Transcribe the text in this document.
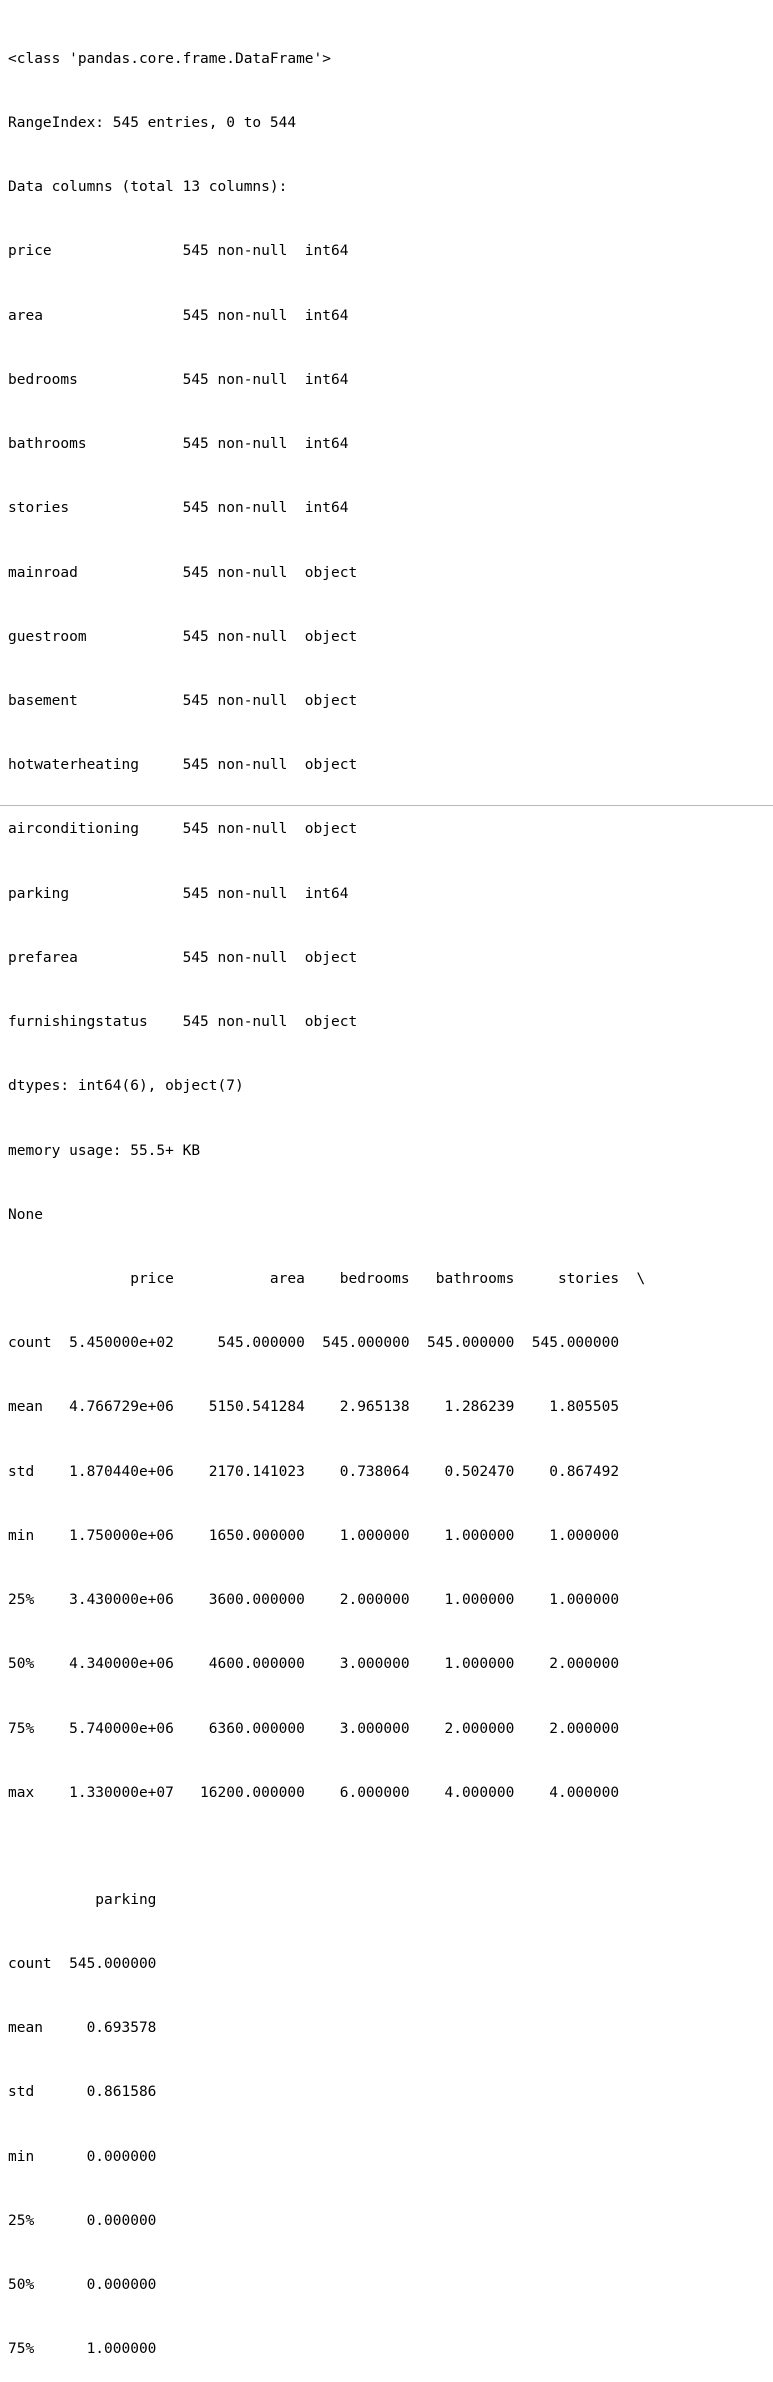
<class 'pandas.core.frame.DataFrame'>

RangeIndex: 545 entries, 0 to 544

Data columns (total 13 columns):

price               545 non-null  int64

area                545 non-null  int64

bedrooms            545 non-null  int64

bathrooms           545 non-null  int64

stories             545 non-null  int64

mainroad            545 non-null  object

guestroom           545 non-null  object

basement            545 non-null  object

hotwaterheating     545 non-null  object

airconditioning     545 non-null  object

parking             545 non-null  int64

prefarea            545 non-null  object

furnishingstatus    545 non-null  object

dtypes: int64(6), object(7)

memory usage: 55.5+ KB

None

price           area    bedrooms   bathrooms     stories  \

count  5.450000e+02     545.000000  545.000000  545.000000  545.000000

mean   4.766729e+06    5150.541284    2.965138    1.286239    1.805505

std    1.870440e+06    2170.141023    0.738064    0.502470    0.867492

min    1.750000e+06    1650.000000    1.000000    1.000000    1.000000

25%    3.430000e+06    3600.000000    2.000000    1.000000    1.000000

50%    4.340000e+06    4600.000000    3.000000    1.000000    2.000000

75%    5.740000e+06    6360.000000    3.000000    2.000000    2.000000

max    1.330000e+07   16200.000000    6.000000    4.000000    4.000000

parking

count  545.000000

mean     0.693578

std      0.861586

min      0.000000

25%      0.000000

50%      0.000000

75%      1.000000
